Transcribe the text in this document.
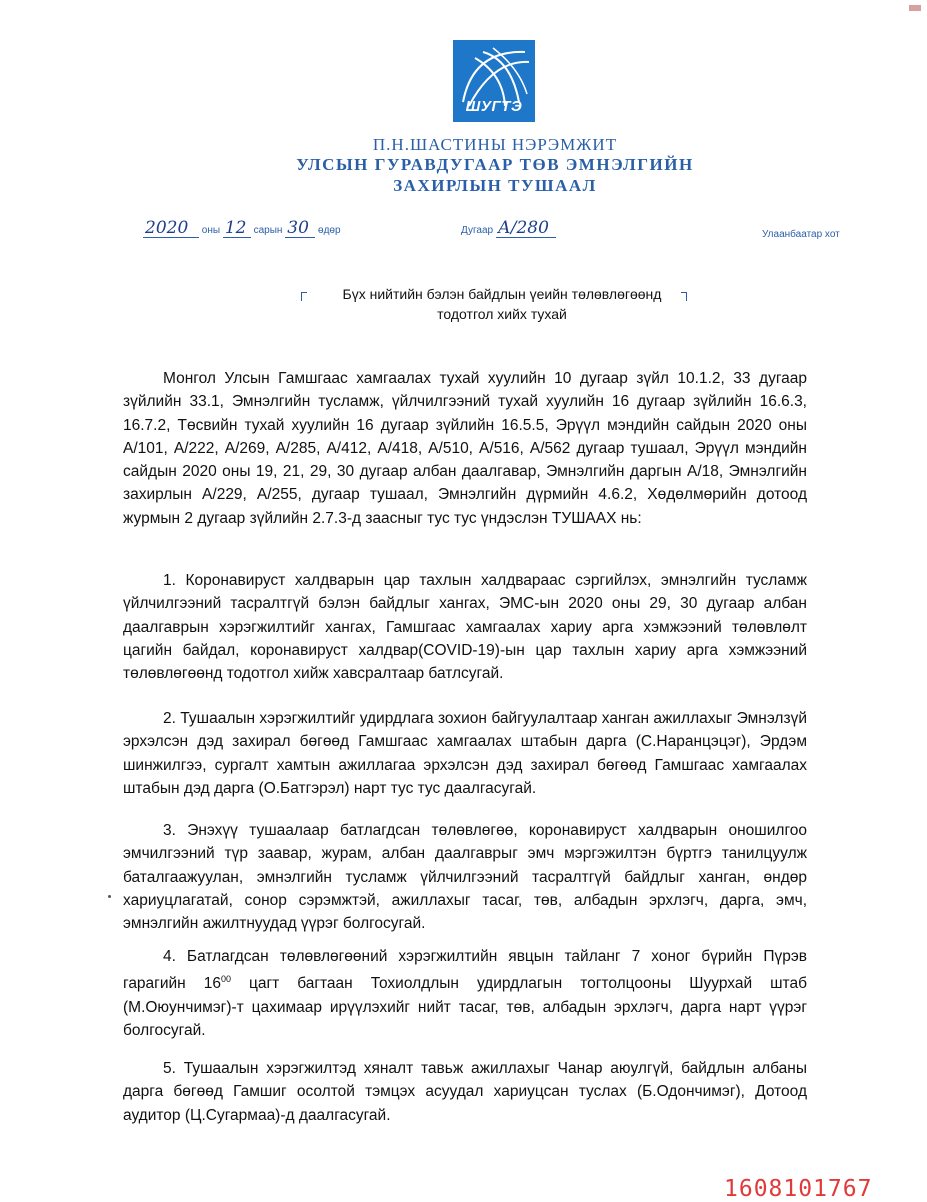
ШУГТЭ
П.Н.ШАСТИНЫ НЭРЭМЖИТ
УЛСЫН ГУРАВДУГААР ТӨВ ЭМНЭЛГИЙН
ЗАХИРЛЫН ТУШААЛ
2020 оны 12 сарын 30 өдөр	Дугаар А/280	Улаанбаатар хот
Бүх нийтийн бэлэн байдлын үеийн төлөвлөгөөнд
тодотгол хийх тухай
Монгол Улсын Гамшгаас хамгаалах тухай хуулийн 10 дугаар зүйл 10.1.2, 33 дугаар зүйлийн 33.1, Эмнэлгийн тусламж, үйлчилгээний тухай хуулийн 16 дугаар зүйлийн 16.6.3, 16.7.2, Төсвийн тухай хуулийн 16 дугаар зүйлийн 16.5.5, Эрүүл мэндийн сайдын 2020 оны А/101, А/222, А/269, А/285, А/412, А/418, А/510, А/516, А/562 дугаар тушаал, Эрүүл мэндийн сайдын 2020 оны 19, 21, 29, 30 дугаар албан даалгавар, Эмнэлгийн даргын А/18, Эмнэлгийн захирлын А/229, А/255, дугаар тушаал, Эмнэлгийн дүрмийн 4.6.2, Хөдөлмөрийн дотоод журмын 2 дугаар зүйлийн 2.7.3-д заасныг тус тус үндэслэн ТУШААХ нь:
1. Коронавируст халдварын цар тахлын халдвараас сэргийлэх, эмнэлгийн тусламж үйлчилгээний тасралтгүй бэлэн байдлыг хангах, ЭМС-ын 2020 оны 29, 30 дугаар албан даалгаврын хэрэгжилтийг хангах, Гамшгаас хамгаалах хариу арга хэмжээний төлөвлөлт цагийн байдал, коронавируст халдвар(COVID-19)-ын цар тахлын хариу арга хэмжээний төлөвлөгөөнд тодотгол хийж хавсралтаар батлсугай.
2. Тушаалын хэрэгжилтийг удирдлага зохион байгуулалтаар ханган ажиллахыг Эмнэлзүй эрхэлсэн дэд захирал бөгөөд Гамшгаас хамгаалах штабын дарга (С.Наранцэцэг), Эрдэм шинжилгээ, сургалт хамтын ажиллагаа эрхэлсэн дэд захирал бөгөөд Гамшгаас хамгаалах штабын дэд дарга (О.Батгэрэл) нарт тус тус даалгасугай.
3. Энэхүү тушаалаар батлагдсан төлөвлөгөө, коронавируст халдварын оношилгоо эмчилгээний түр заавар, журам, албан даалгаврыг эмч мэргэжилтэн бүртгэ танилцуулж баталгаажуулан, эмнэлгийн тусламж үйлчилгээний тасралтгүй байдлыг ханган, өндөр хариуцлагатай, сонор сэрэмжтэй, ажиллахыг тасаг, төв, албадын эрхлэгч, дарга, эмч, эмнэлгийн ажилтнуудад үүрэг болгосугай.
4. Батлагдсан төлөвлөгөөний хэрэгжилтийн явцын тайланг 7 хоног бүрийн Пүрэв гарагийн $16^{00}$ цагт багтаан Тохиолдлын удирдлагын тогтолцооны Шуурхай штаб (М.Оюунчимэг)-т цахимаар ирүүлэхийг нийт тасаг, төв, албадын эрхлэгч, дарга нарт үүрэг болгосугай.
5. Тушаалын хэрэгжилтэд хяналт тавьж ажиллахыг Чанар аюулгүй, байдлын албаны дарга бөгөөд Гамшиг осолтой тэмцэх асуудал хариуцсан туслах (Б.Одончимэг), Дотоод аудитор (Ц.Сугармаа)-д даалгасугай.
1608101767
